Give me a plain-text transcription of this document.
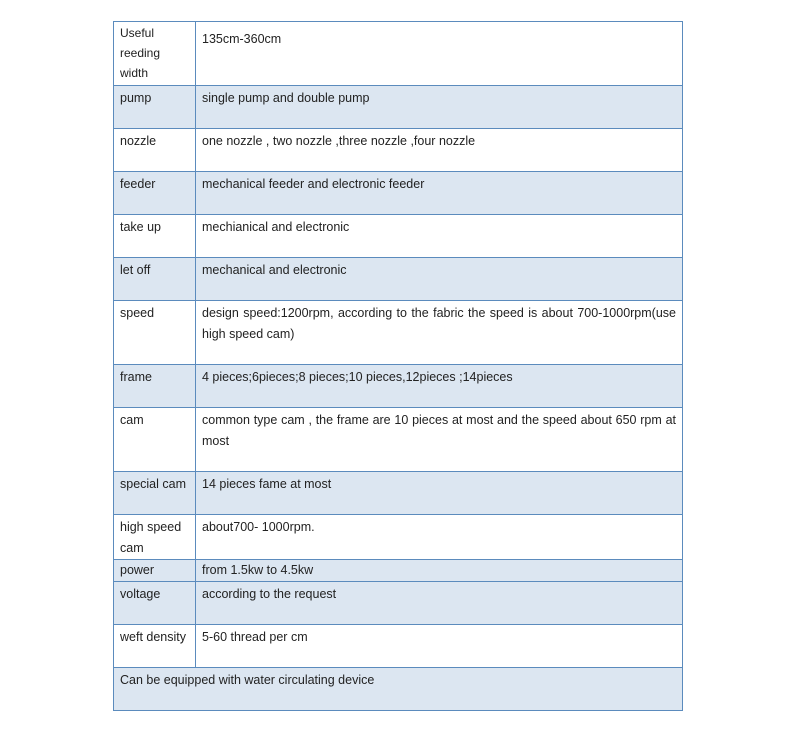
Useful reeding width	135cm-360cm
pump	single pump and double pump
nozzle	one nozzle , two nozzle ,three nozzle ,four nozzle
feeder	mechanical feeder and electronic feeder
take up	mechianical and electronic
let off	mechanical and electronic
speed	design speed:1200rpm, according to the fabric the speed is about 700-1000rpm(use high speed cam)
frame	4 pieces;6pieces;8 pieces;10 pieces,12pieces ;14pieces
cam	common type cam , the frame are 10 pieces at most and the speed about 650 rpm at most
special cam	14 pieces fame at most
high speed cam	about700- 1000rpm.
power	from 1.5kw to 4.5kw
voltage	according to the request
weft density	5-60 thread per cm
Can be equipped with water circulating device	
